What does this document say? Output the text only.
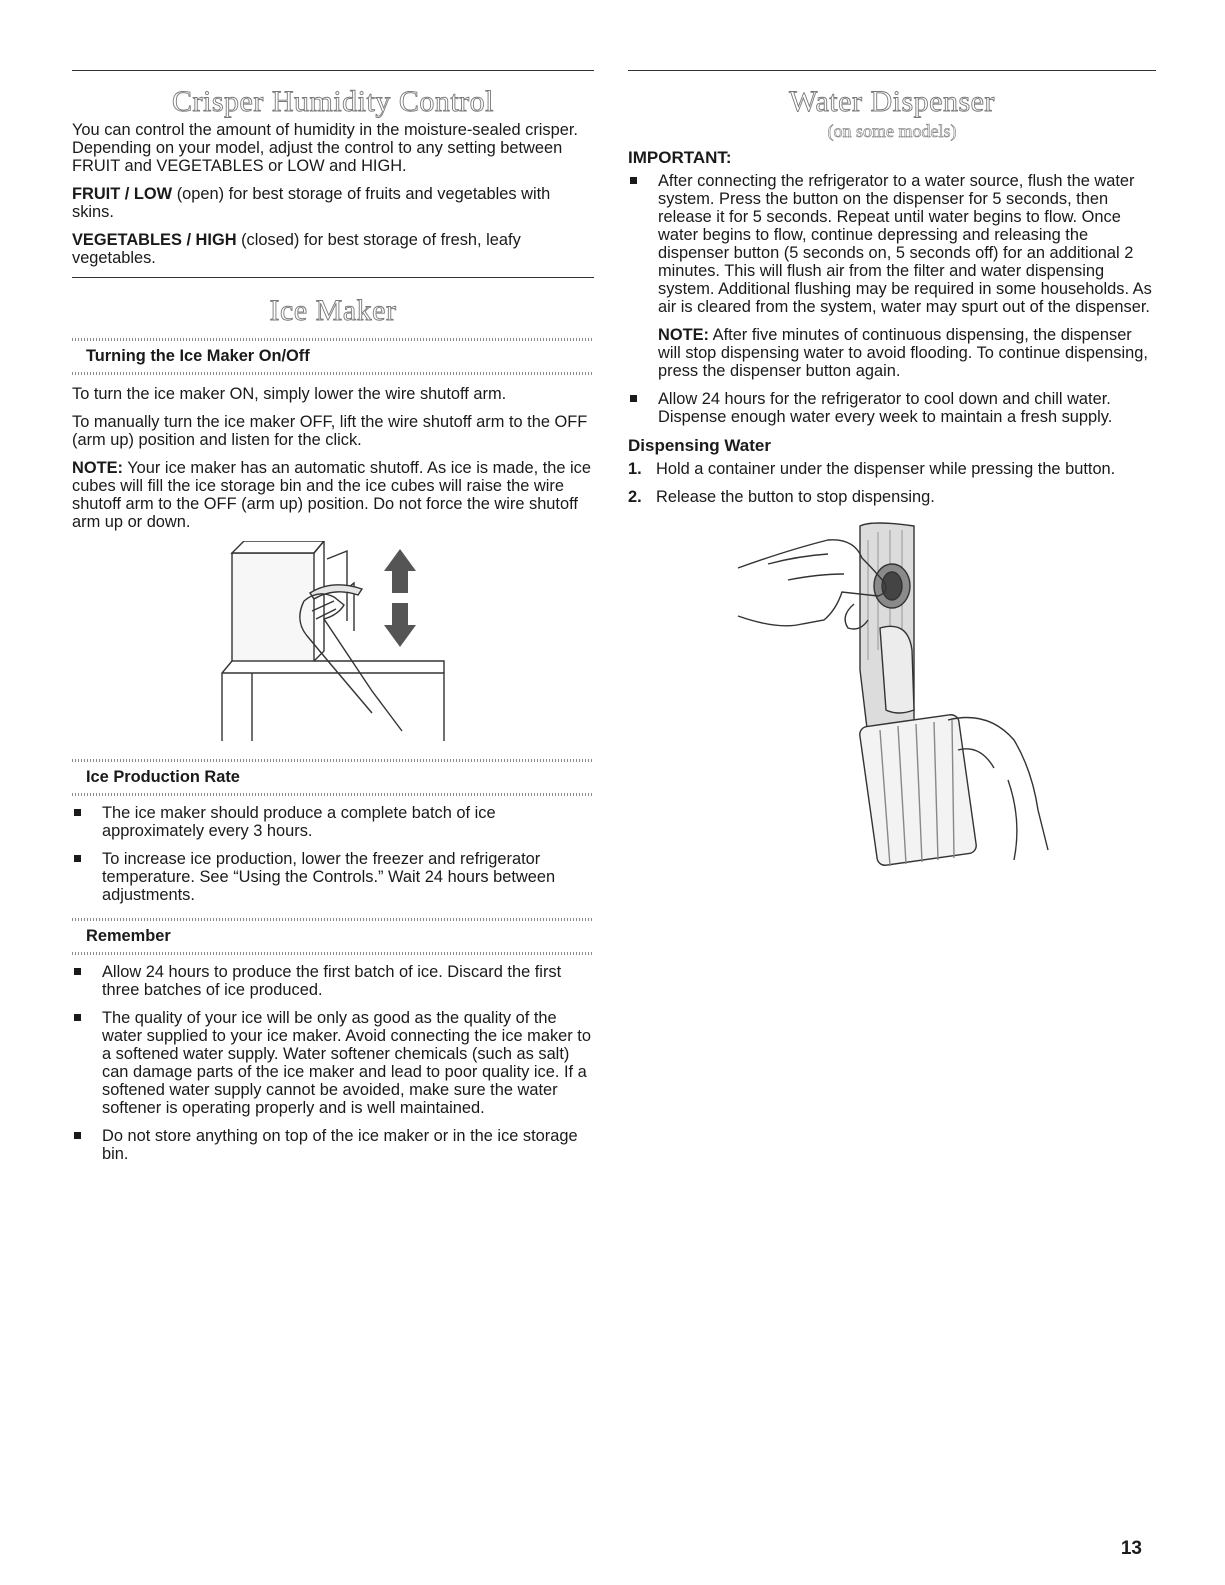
Crisper Humidity Control

You can control the amount of humidity in the moisture-sealed crisper. Depending on your model, adjust the control to any setting between FRUIT and VEGETABLES or LOW and HIGH.

FRUIT / LOW (open) for best storage of fruits and vegetables with skins.

VEGETABLES / HIGH (closed) for best storage of fresh, leafy vegetables.

Ice Maker
Turning the Ice Maker On/Off

To turn the ice maker ON, simply lower the wire shutoff arm.

To manually turn the ice maker OFF, lift the wire shutoff arm to the OFF (arm up) position and listen for the click.

NOTE: Your ice maker has an automatic shutoff. As ice is made, the ice cubes will fill the ice storage bin and the ice cubes will raise the wire shutoff arm to the OFF (arm up) position. Do not force the wire shutoff arm up or down.

Ice Production Rate
The ice maker should produce a complete batch of ice approximately every 3 hours.
To increase ice production, lower the freezer and refrigerator temperature. See “Using the Controls.” Wait 24 hours between adjustments.
Remember
Allow 24 hours to produce the first batch of ice. Discard the first three batches of ice produced.
The quality of your ice will be only as good as the quality of the water supplied to your ice maker. Avoid connecting the ice maker to a softened water supply. Water softener chemicals (such as salt) can damage parts of the ice maker and lead to poor quality ice. If a softened water supply cannot be avoided, make sure the water softener is operating properly and is well maintained.
Do not store anything on top of the ice maker or in the ice storage bin.
Water Dispenser
(on some models)
IMPORTANT:
After connecting the refrigerator to a water source, flush the water system. Press the button on the dispenser for 5 seconds, then release it for 5 seconds. Repeat until water begins to flow. Once water begins to flow, continue depressing and releasing the dispenser button (5 seconds on, 5 seconds off) for an additional 2 minutes. This will flush air from the filter and water dispensing system. Additional flushing may be required in some households. As air is cleared from the system, water may spurt out of the dispenser.

NOTE: After five minutes of continuous dispensing, the dispenser will stop dispensing water to avoid flooding. To continue dispensing, press the dispenser button again.

Allow 24 hours for the refrigerator to cool down and chill water. Dispense enough water every week to maintain a fresh supply.
Dispensing Water
1. Hold a container under the dispenser while pressing the button.
2. Release the button to stop dispensing.
13
